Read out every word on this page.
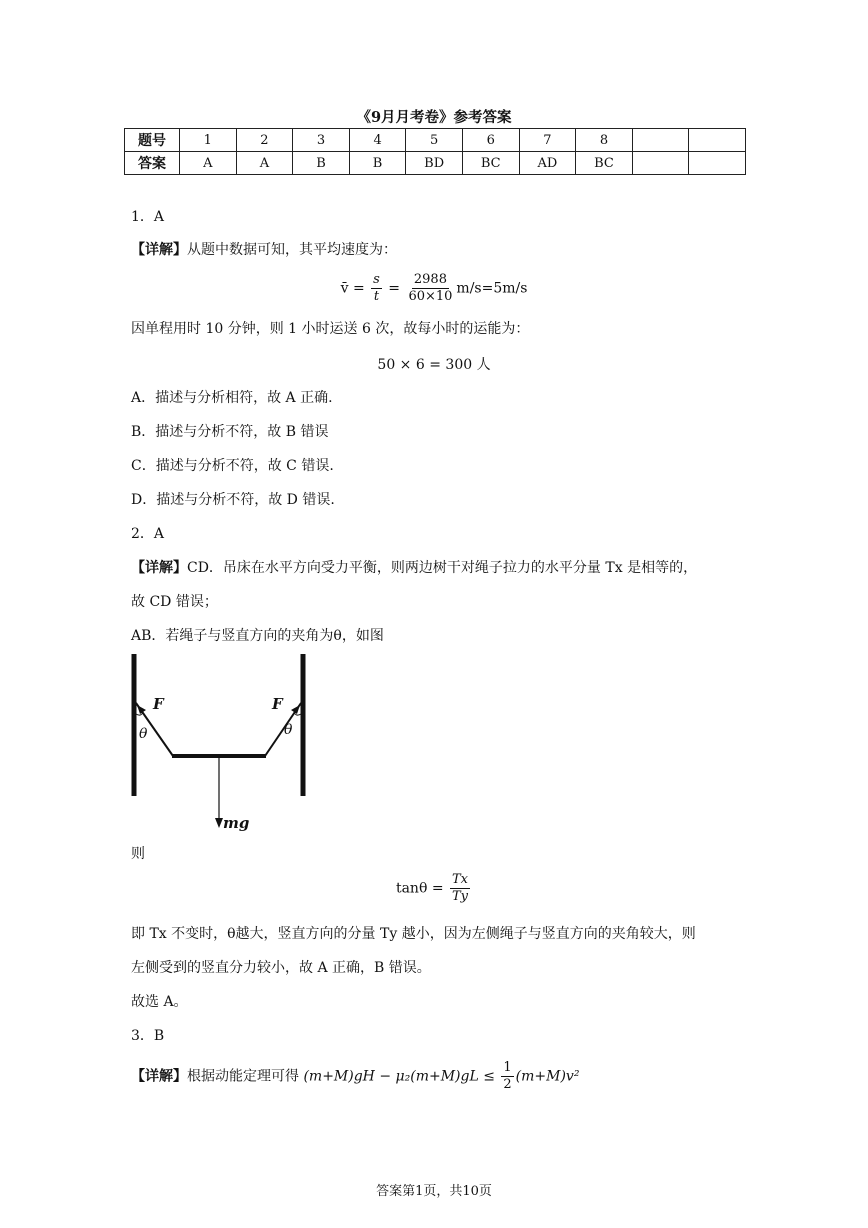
《9月月考卷》参考答案
题号	1	2	3	4	5	6	7	8		
答案	A	A	B	B	BD	BC	AD	BC		
1．A
【详解】从题中数据可知，其平均速度为：
v̄ = $\frac{s}{t} = \frac{2988}{60\times 10} m/s=5m/s$
因单程用时 10 分钟，则 1 小时运送 6 次，故每小时的运能为：
50 × 6 = 300 人
A．描述与分析相符，故 A 正确.
B．描述与分析不符，故 B 错误
C．描述与分析不符，故 C 错误.
D．描述与分析不符，故 D 错误.
2．A
【详解】CD．吊床在水平方向受力平衡，则两边树干对绳子拉力的水平分量 Tx 是相等的，
故 CD 错误；
AB．若绳子与竖直方向的夹角为θ，如图
F	F
θ	θ
mg
则
$\tan\theta = \frac{Tx}{Ty}$
即 Tx 不变时，θ越大，竖直方向的分量 Ty 越小，因为左侧绳子与竖直方向的夹角较大，则
左侧受到的竖直分力较小，故 A 正确，B 错误。
故选 A。
3．B
【详解】根据动能定理可得 $(m+M)gH - \mu_2(m+M)gL \le \frac{1}{2} (m+M)v^2$
答案第1页，共10页
